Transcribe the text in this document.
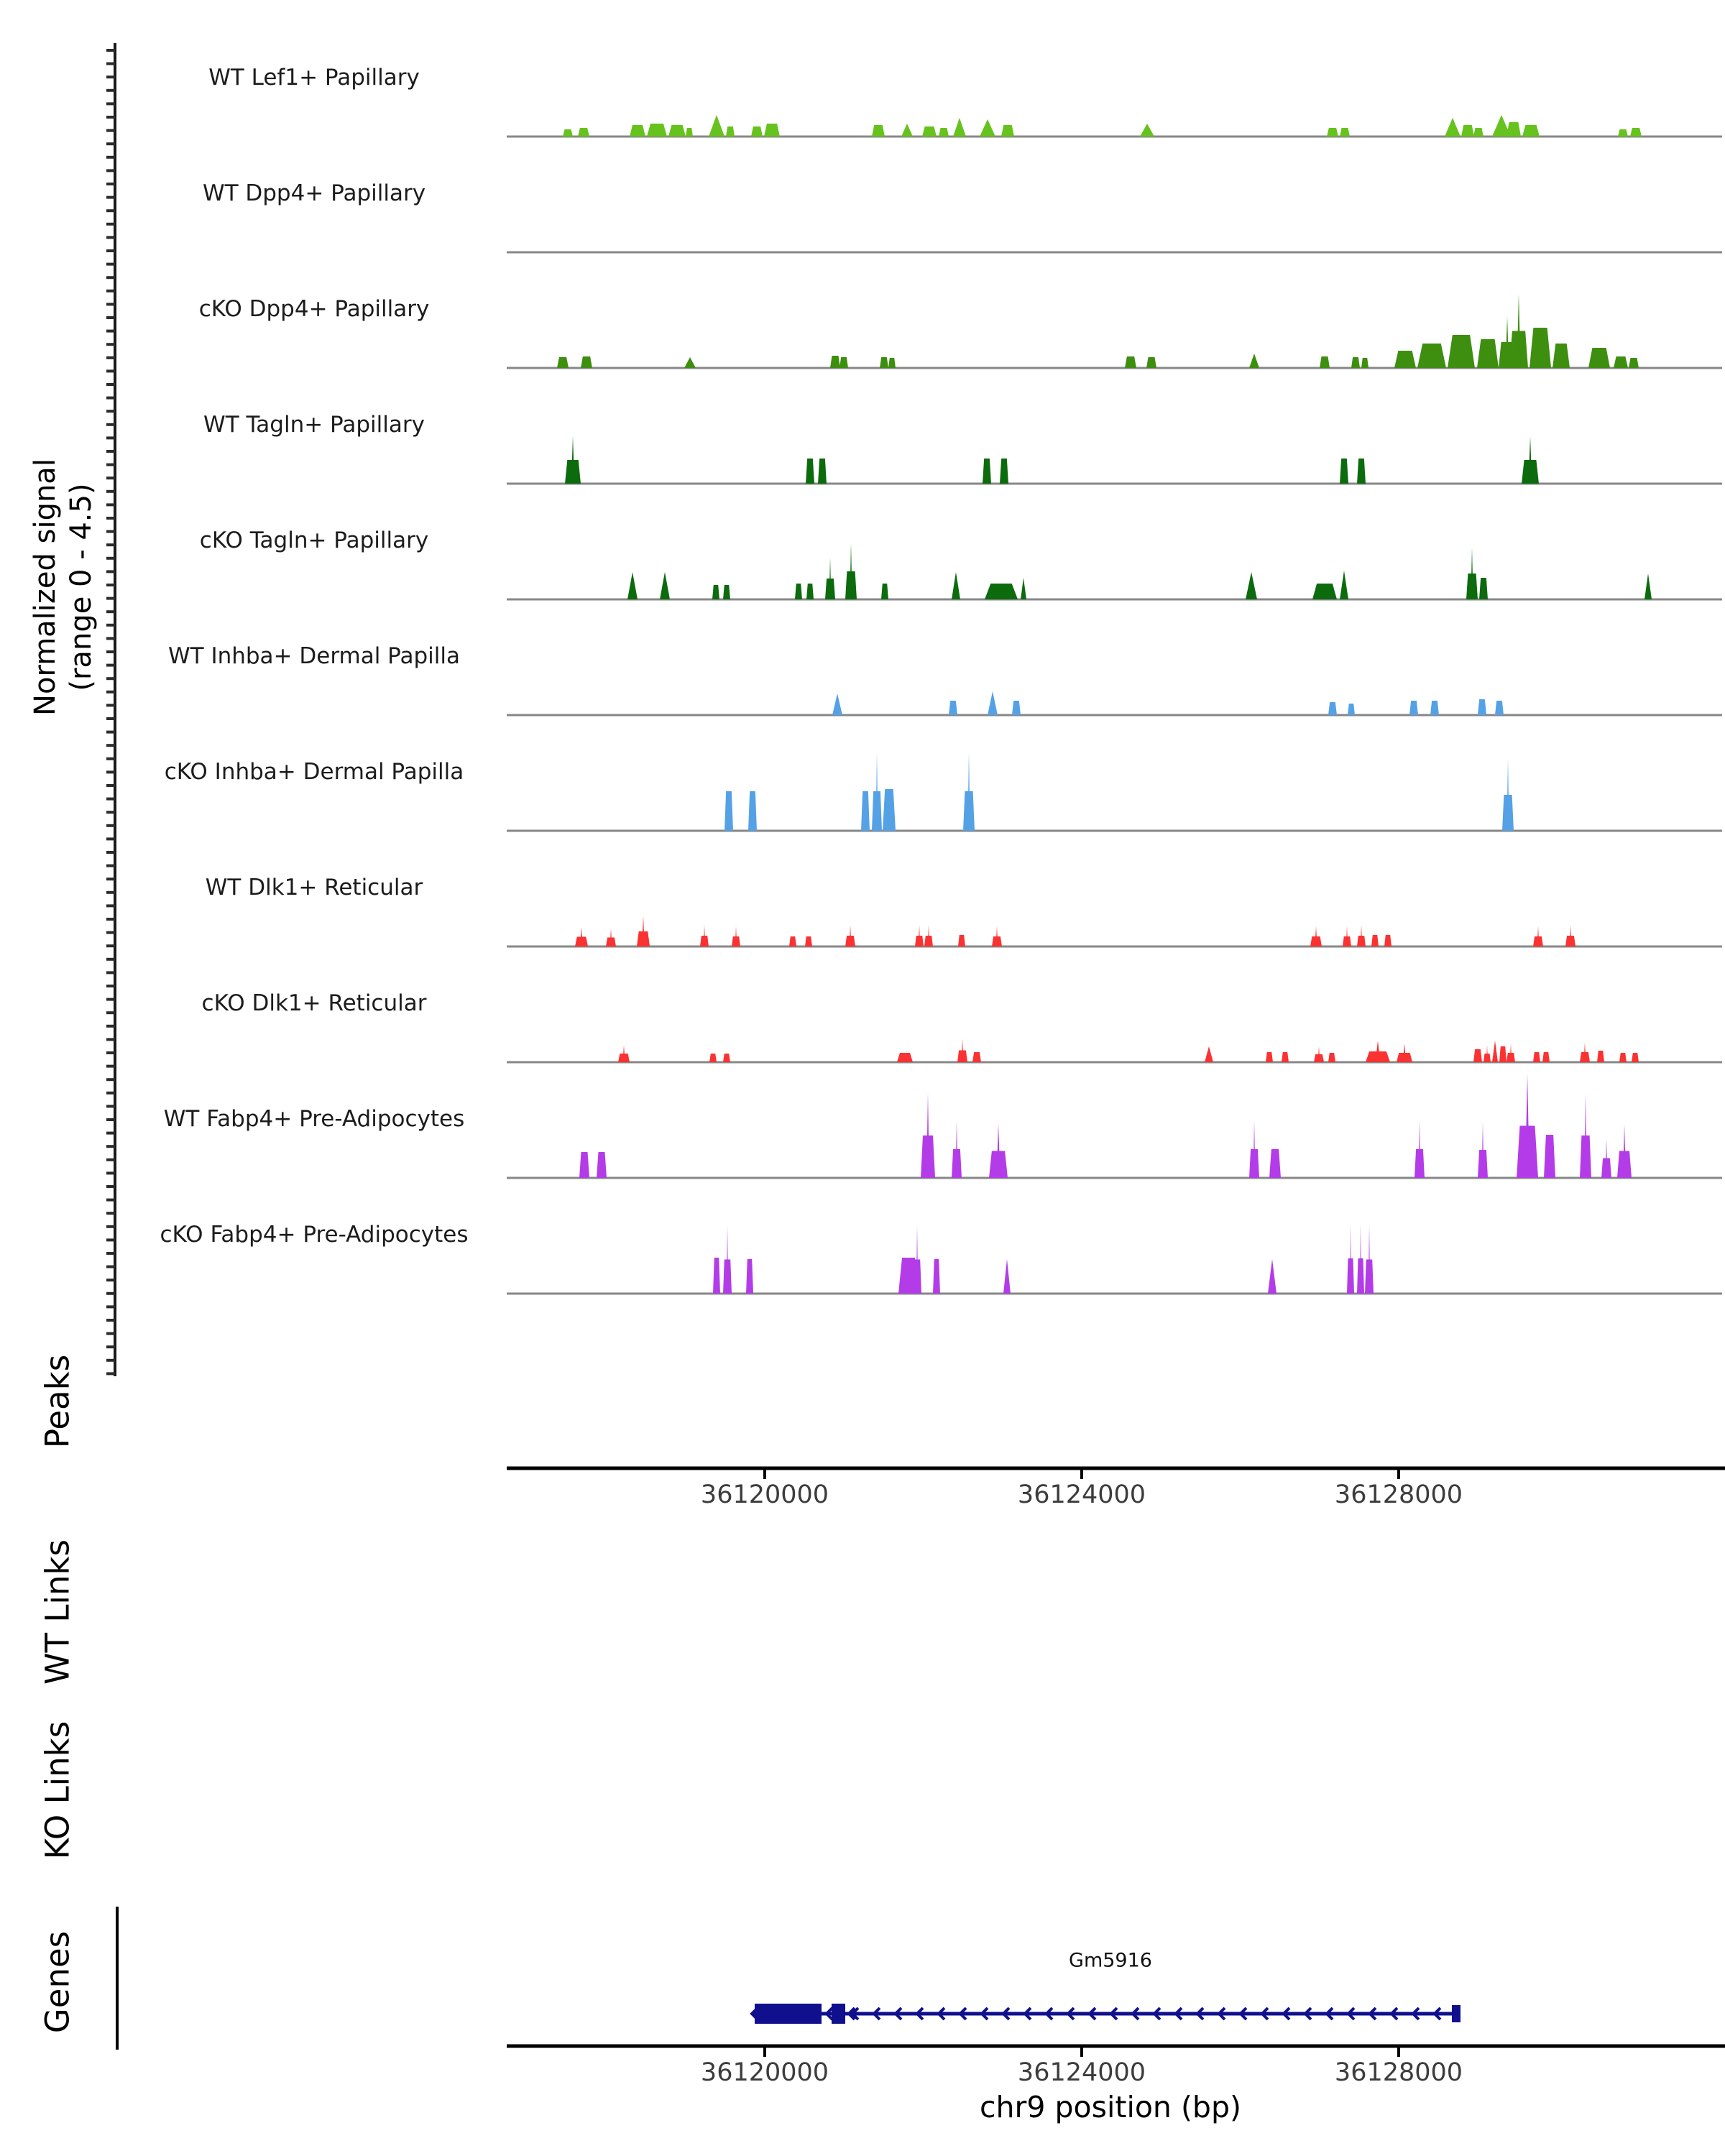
Normalized signal (range 0 - 4.5)
Peaks
WT Links
KO Links
Genes
WT Lef1+ Papillary
WT Dpp4+ Papillary
cKO Dpp4+ Papillary
WT Tagln+ Papillary
cKO Tagln+ Papillary
WT Inhba+ Dermal Papilla
cKO Inhba+ Dermal Papilla
WT Dlk1+ Reticular
cKO Dlk1+ Reticular
WT Fabp4+ Pre-Adipocytes
cKO Fabp4+ Pre-Adipocytes
36120000	36124000	36128000
36120000	36124000	36128000
Gm5916
chr9 position (bp)
